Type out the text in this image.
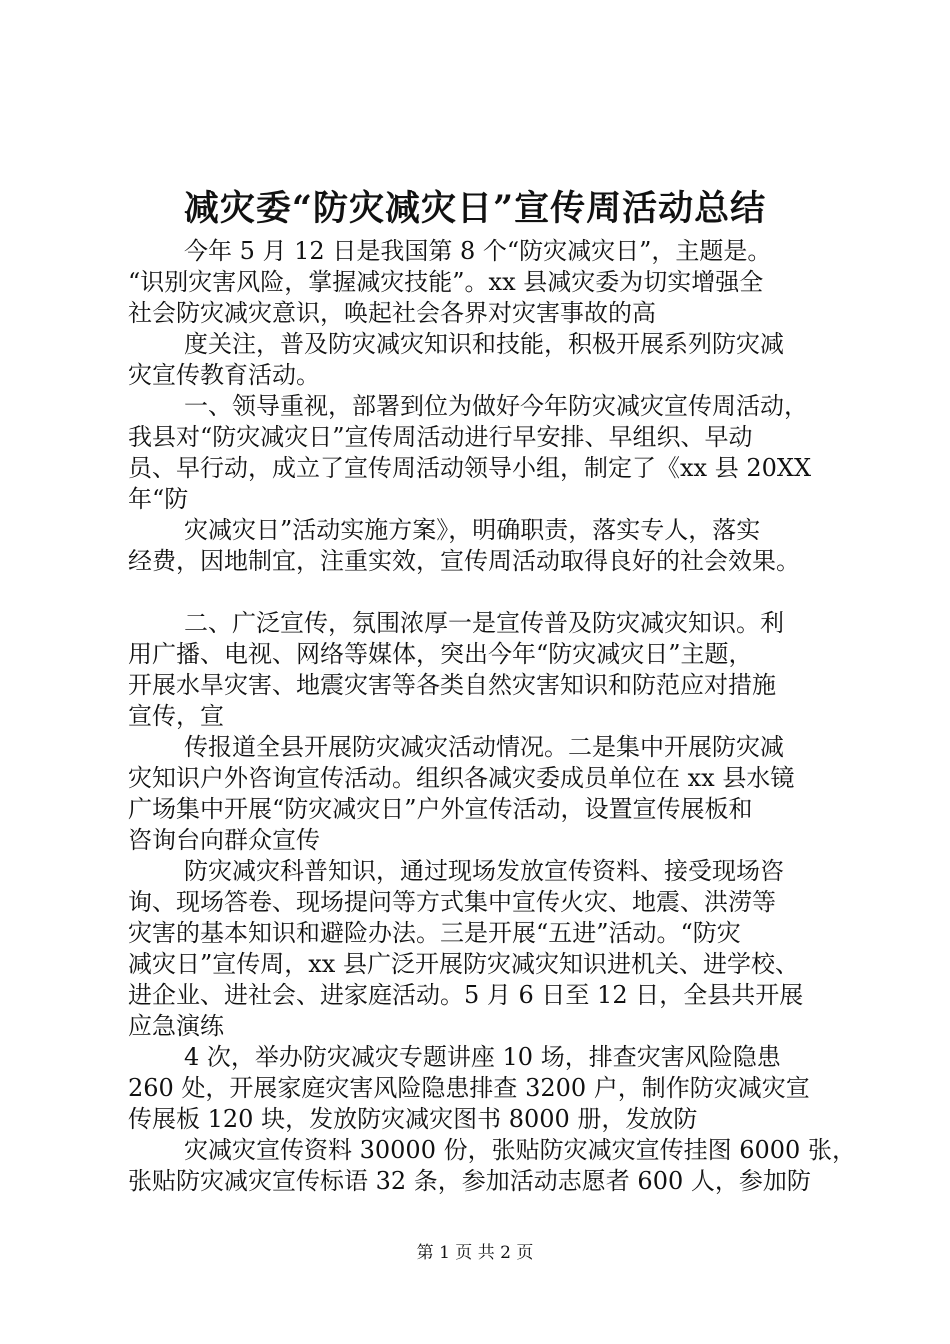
减灾委“防灾减灾日”宣传周活动总结
今年 5 月 12 日是我国第 8 个“防灾减灾日”，主题是。
“识别灾害风险，掌握减灾技能”。xx 县减灾委为切实增强全
社会防灾减灾意识，唤起社会各界对灾害事故的高
度关注，普及防灾减灾知识和技能，积极开展系列防灾减
灾宣传教育活动。
一、领导重视，部署到位为做好今年防灾减灾宣传周活动，
我县对“防灾减灾日”宣传周活动进行早安排、早组织、早动
员、早行动，成立了宣传周活动领导小组，制定了《xx 县 20XX
年“防
灾减灾日”活动实施方案》，明确职责，落实专人，落实
经费，因地制宜，注重实效，宣传周活动取得良好的社会效果。
二、广泛宣传，氛围浓厚一是宣传普及防灾减灾知识。利
用广播、电视、网络等媒体，突出今年“防灾减灾日”主题，
开展水旱灾害、地震灾害等各类自然灾害知识和防范应对措施
宣传，宣
传报道全县开展防灾减灾活动情况。二是集中开展防灾减
灾知识户外咨询宣传活动。组织各减灾委成员单位在 xx 县水镜
广场集中开展“防灾减灾日”户外宣传活动，设置宣传展板和
咨询台向群众宣传
防灾减灾科普知识，通过现场发放宣传资料、接受现场咨
询、现场答卷、现场提问等方式集中宣传火灾、地震、洪涝等
灾害的基本知识和避险办法。三是开展“五进”活动。“防灾
减灾日”宣传周，xx 县广泛开展防灾减灾知识进机关、进学校、
进企业、进社会、进家庭活动。5 月 6 日至 12 日，全县共开展
应急演练
4 次，举办防灾减灾专题讲座 10 场，排查灾害风险隐患
260 处，开展家庭灾害风险隐患排查 3200 户，制作防灾减灾宣
传展板 120 块，发放防灾减灾图书 8000 册，发放防
灾减灾宣传资料 30000 份，张贴防灾减灾宣传挂图 6000 张，
张贴防灾减灾宣传标语 32 条，参加活动志愿者 600 人，参加防
第 1 页 共 2 页
